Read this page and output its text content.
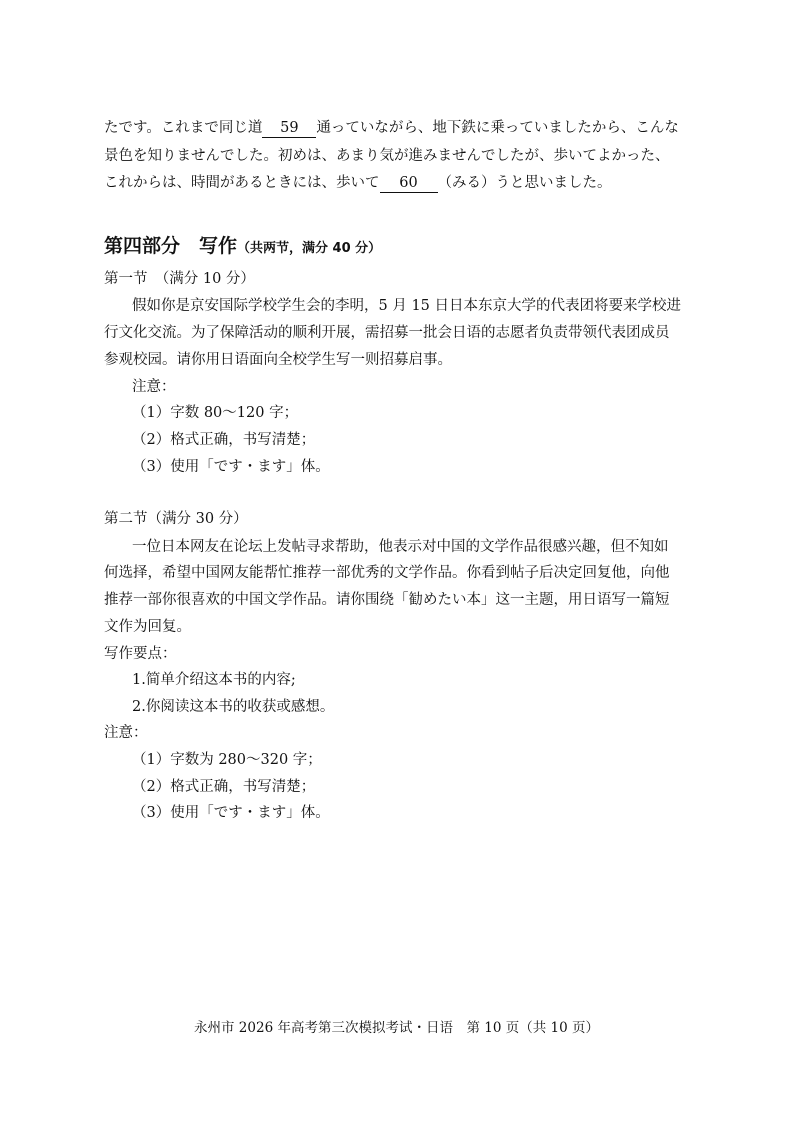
たです。これまで同じ道 59 通っていながら、地下鉄に乗っていましたから、こんな
景色を知りませんでした。初めは、あまり気が進みませんでしたが、歩いてよかった、
これからは、時間があるときには、歩いて 60 （みる）うと思いました。
第四部分　写作（共两节，满分 40 分）
第一节　（满分 10 分）
假如你是京安国际学校学生会的李明，5 月 15 日日本东京大学的代表团将要来学校进
行文化交流。为了保障活动的顺利开展，需招募一批会日语的志愿者负责带领代表团成员
参观校园。请你用日语面向全校学生写一则招募启事。
注意：
（1）字数 80～120 字；
（2）格式正确，书写清楚；
（3）使用「です・ます」体。
第二节（满分 30 分）
一位日本网友在论坛上发帖寻求帮助，他表示对中国的文学作品很感兴趣，但不知如
何选择，希望中国网友能帮忙推荐一部优秀的文学作品。你看到帖子后决定回复他，向他
推荐一部你很喜欢的中国文学作品。请你围绕「勧めたい本」这一主题，用日语写一篇短
文作为回复。
写作要点：
1.简单介绍这本书的内容;
2.你阅读这本书的收获或感想。
注意：
（1）字数为 280～320 字；
（2）格式正确，书写清楚；
（3）使用「です・ます」体。
永州市 2026 年高考第三次模拟考试・日语　第 10 页（共 10 页）
